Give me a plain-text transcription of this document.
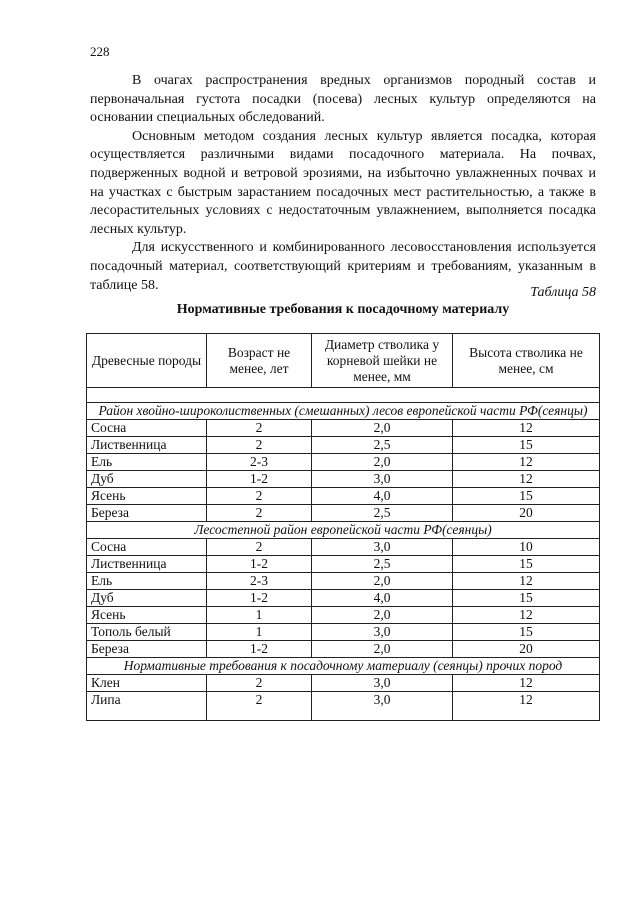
228

В очагах распространения вредных организмов породный состав и первоначальная густота посадки (посева) лесных культур определяются на основании специальных обследований.

Основным методом создания лесных культур является посадка, которая осуществляется различными видами посадочного материала. На почвах, подверженных водной и ветровой эрозиями, на избыточно увлажненных почвах и на участках с быстрым зарастанием посадочных мест растительностью, а также в лесорастительных условиях с недостаточным увлажнением, выполняется посадка лесных культур.

Для искусственного и комбинированного лесовосстановления используется посадочный материал, соответствующий критериям и требованиям, указанным в таблице 58.	Таблица 58
Нормативные требования к посадочному материалу
Древесные породы	Возраст не менее, лет	Диаметр стволика у корневой шейки не менее, мм	Высота стволика не менее, см

Район хвойно-широколиственных (смешанных) лесов европейской части РФ(сеянцы)			
Сосна	2	2,0	12
Лиственница	2	2,5	15
Ель	2-3	2,0	12
Дуб	1-2	3,0	12
Ясень	2	4,0	15
Береза	2	2,5	20
Лесостепной район европейской части РФ(сеянцы)			
Сосна	2	3,0	10
Лиственница	1-2	2,5	15
Ель	2-3	2,0	12
Дуб	1-2	4,0	15
Ясень	1	2,0	12
Тополь белый	1	3,0	15
Береза	1-2	2,0	20
Нормативные требования к посадочному материалу (сеянцы) прочих пород			
Клен	2	3,0	12
Липа	2	3,0	12
